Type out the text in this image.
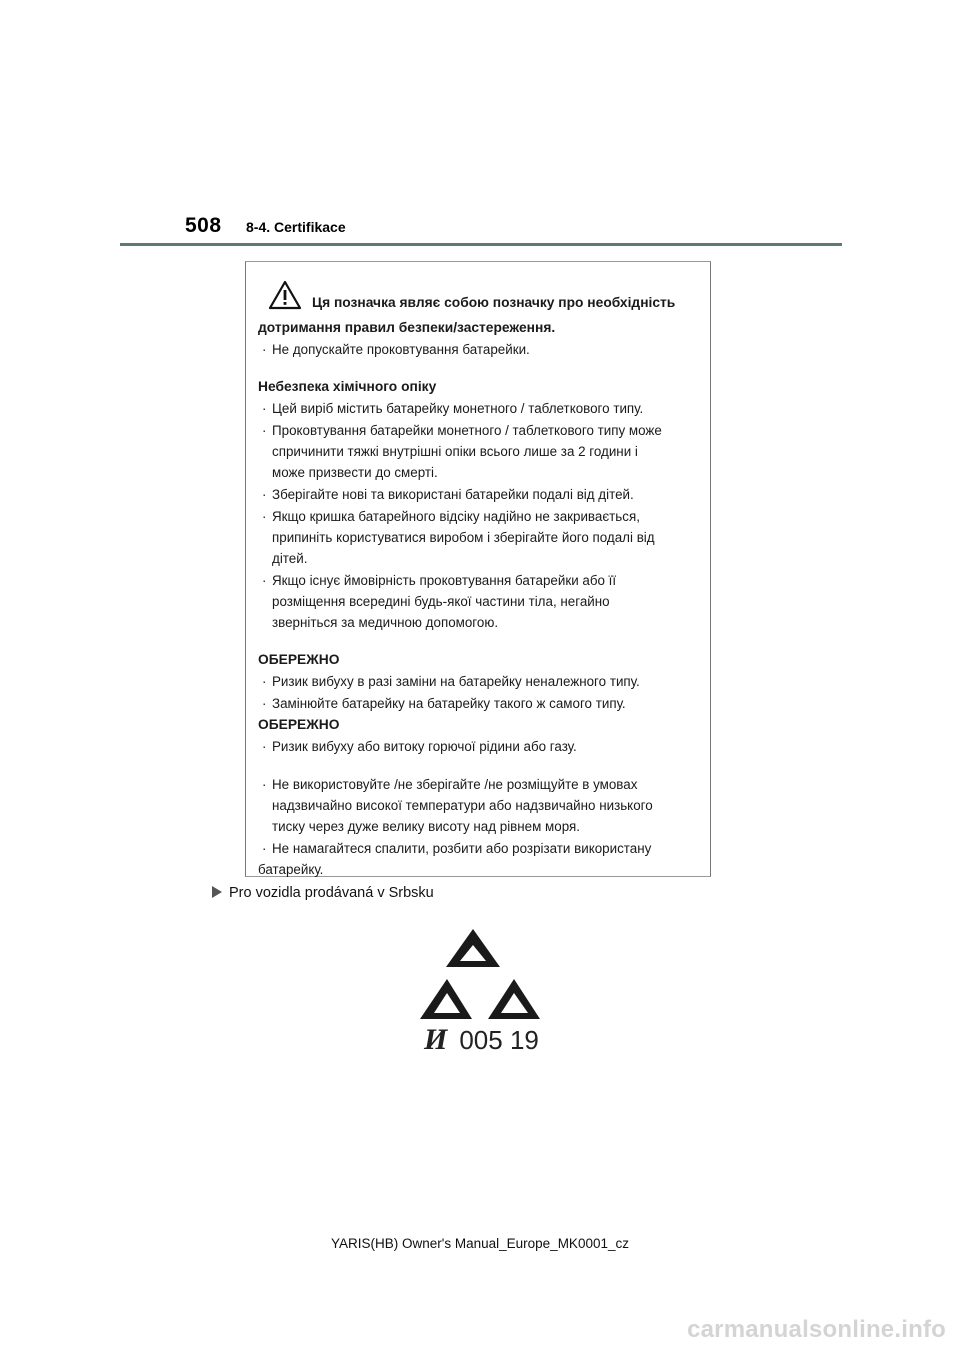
508 8-4. Certifikace
Ця позначка являє собою позначку про необхідність
дотримання правил безпеки/застереження.
· Не допускайте проковтування батарейки.
Небезпека хімічного опіку
· Цей виріб містить батарейку монетного / таблеткового типу.
· Проковтування батарейки монетного / таблеткового типу може
спричинити тяжкі внутрішні опіки всього лише за 2 години і
може призвести до смерті.
· Зберігайте нові та використані батарейки подалі від дітей.
· Якщо кришка батарейного відсіку надійно не закривається,
припиніть користуватися виробом і зберігайте його подалі від
дітей.
· Якщо існує ймовірність проковтування батарейки або її
розміщення всередині будь-якої частини тіла, негайно
зверніться за медичною допомогою.
ОБЕРЕЖНО
· Ризик вибуху в разі заміни на батарейку неналежного типу.
· Замінюйте батарейку на батарейку такого ж самого типу.
ОБЕРЕЖНО
· Ризик вибуху або витоку горючої рідини або газу.
· Не використовуйте /не зберігайте /не розміщуйте в умовах
надзвичайно високої температури або надзвичайно низького
тиску через дуже велику висоту над рівнем моря.
· Не намагайтеся спалити, розбити або розрізати використану
батарейку.
Pro vozidla prodávaná v Srbsku
И 005 19
YARIS(HB) Owner's Manual_Europe_MK0001_cz
carmanualsonline.info
